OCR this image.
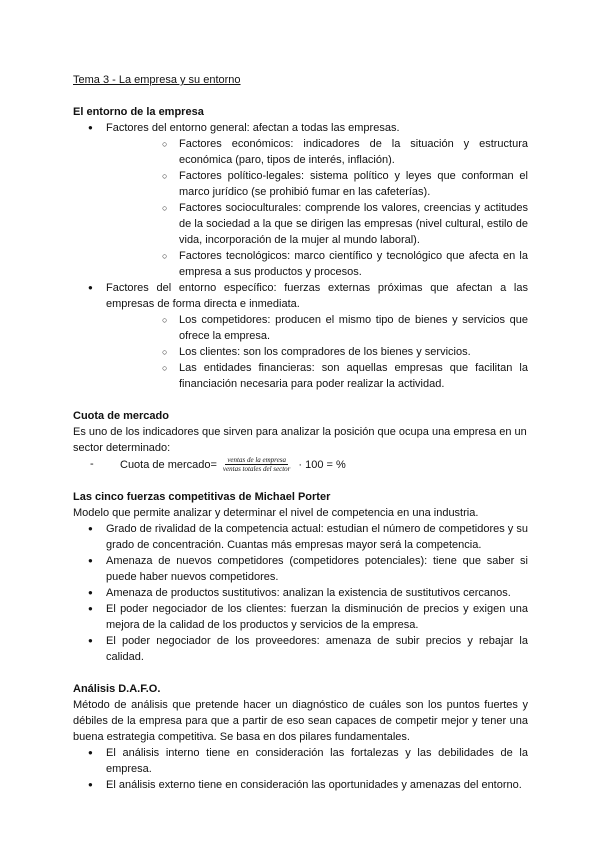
Tema 3 - La empresa y su entorno
El entorno de la empresa
● Factores del entorno general: afectan a todas las empresas.
○ Factores económicos: indicadores de la situación y estructura económica (paro, tipos de interés, inflación).
○ Factores político-legales: sistema político y leyes que conforman el marco jurídico (se prohibió fumar en las cafeterías).
○ Factores socioculturales: comprende los valores, creencias y actitudes de la sociedad a la que se dirigen las empresas (nivel cultural, estilo de vida, incorporación de la mujer al mundo laboral).
○ Factores tecnológicos: marco científico y tecnológico que afecta en la empresa a sus productos y procesos.
● Factores del entorno específico: fuerzas externas próximas que afectan a las empresas de forma directa e inmediata.
○ Los competidores: producen el mismo tipo de bienes y servicios que ofrece la empresa.
○ Los clientes: son los compradores de los bienes y servicios.
○ Las entidades financieras: son aquellas empresas que facilitan la financiación necesaria para poder realizar la actividad.
Cuota de mercado

Es uno de los indicadores que sirven para analizar la posición que ocupa una empresa en un sector determinado:

- Cuota de mercado= $\frac{\text{ventas de la empresa}}{\text{ventas totales del sector}} \cdot 100$ = %
Las cinco fuerzas competitivas de Michael Porter

Modelo que permite analizar y determinar el nivel de competencia en una industria.

● Grado de rivalidad de la competencia actual: estudian el número de competidores y su grado de concentración. Cuantas más empresas mayor será la competencia.
● Amenaza de nuevos competidores (competidores potenciales): tiene que saber si puede haber nuevos competidores.
● Amenaza de productos sustitutivos: analizan la existencia de sustitutivos cercanos.
● El poder negociador de los clientes: fuerzan la disminución de precios y exigen una mejora de la calidad de los productos y servicios de la empresa.
● El poder negociador de los proveedores: amenaza de subir precios y rebajar la calidad.
Análisis D.A.F.O.

Método de análisis que pretende hacer un diagnóstico de cuáles son los puntos fuertes y débiles de la empresa para que a partir de eso sean capaces de competir mejor y tener una buena estrategia competitiva. Se basa en dos pilares fundamentales.

● El análisis interno tiene en consideración las fortalezas y las debilidades de la empresa.
● El análisis externo tiene en consideración las oportunidades y amenazas del entorno.
